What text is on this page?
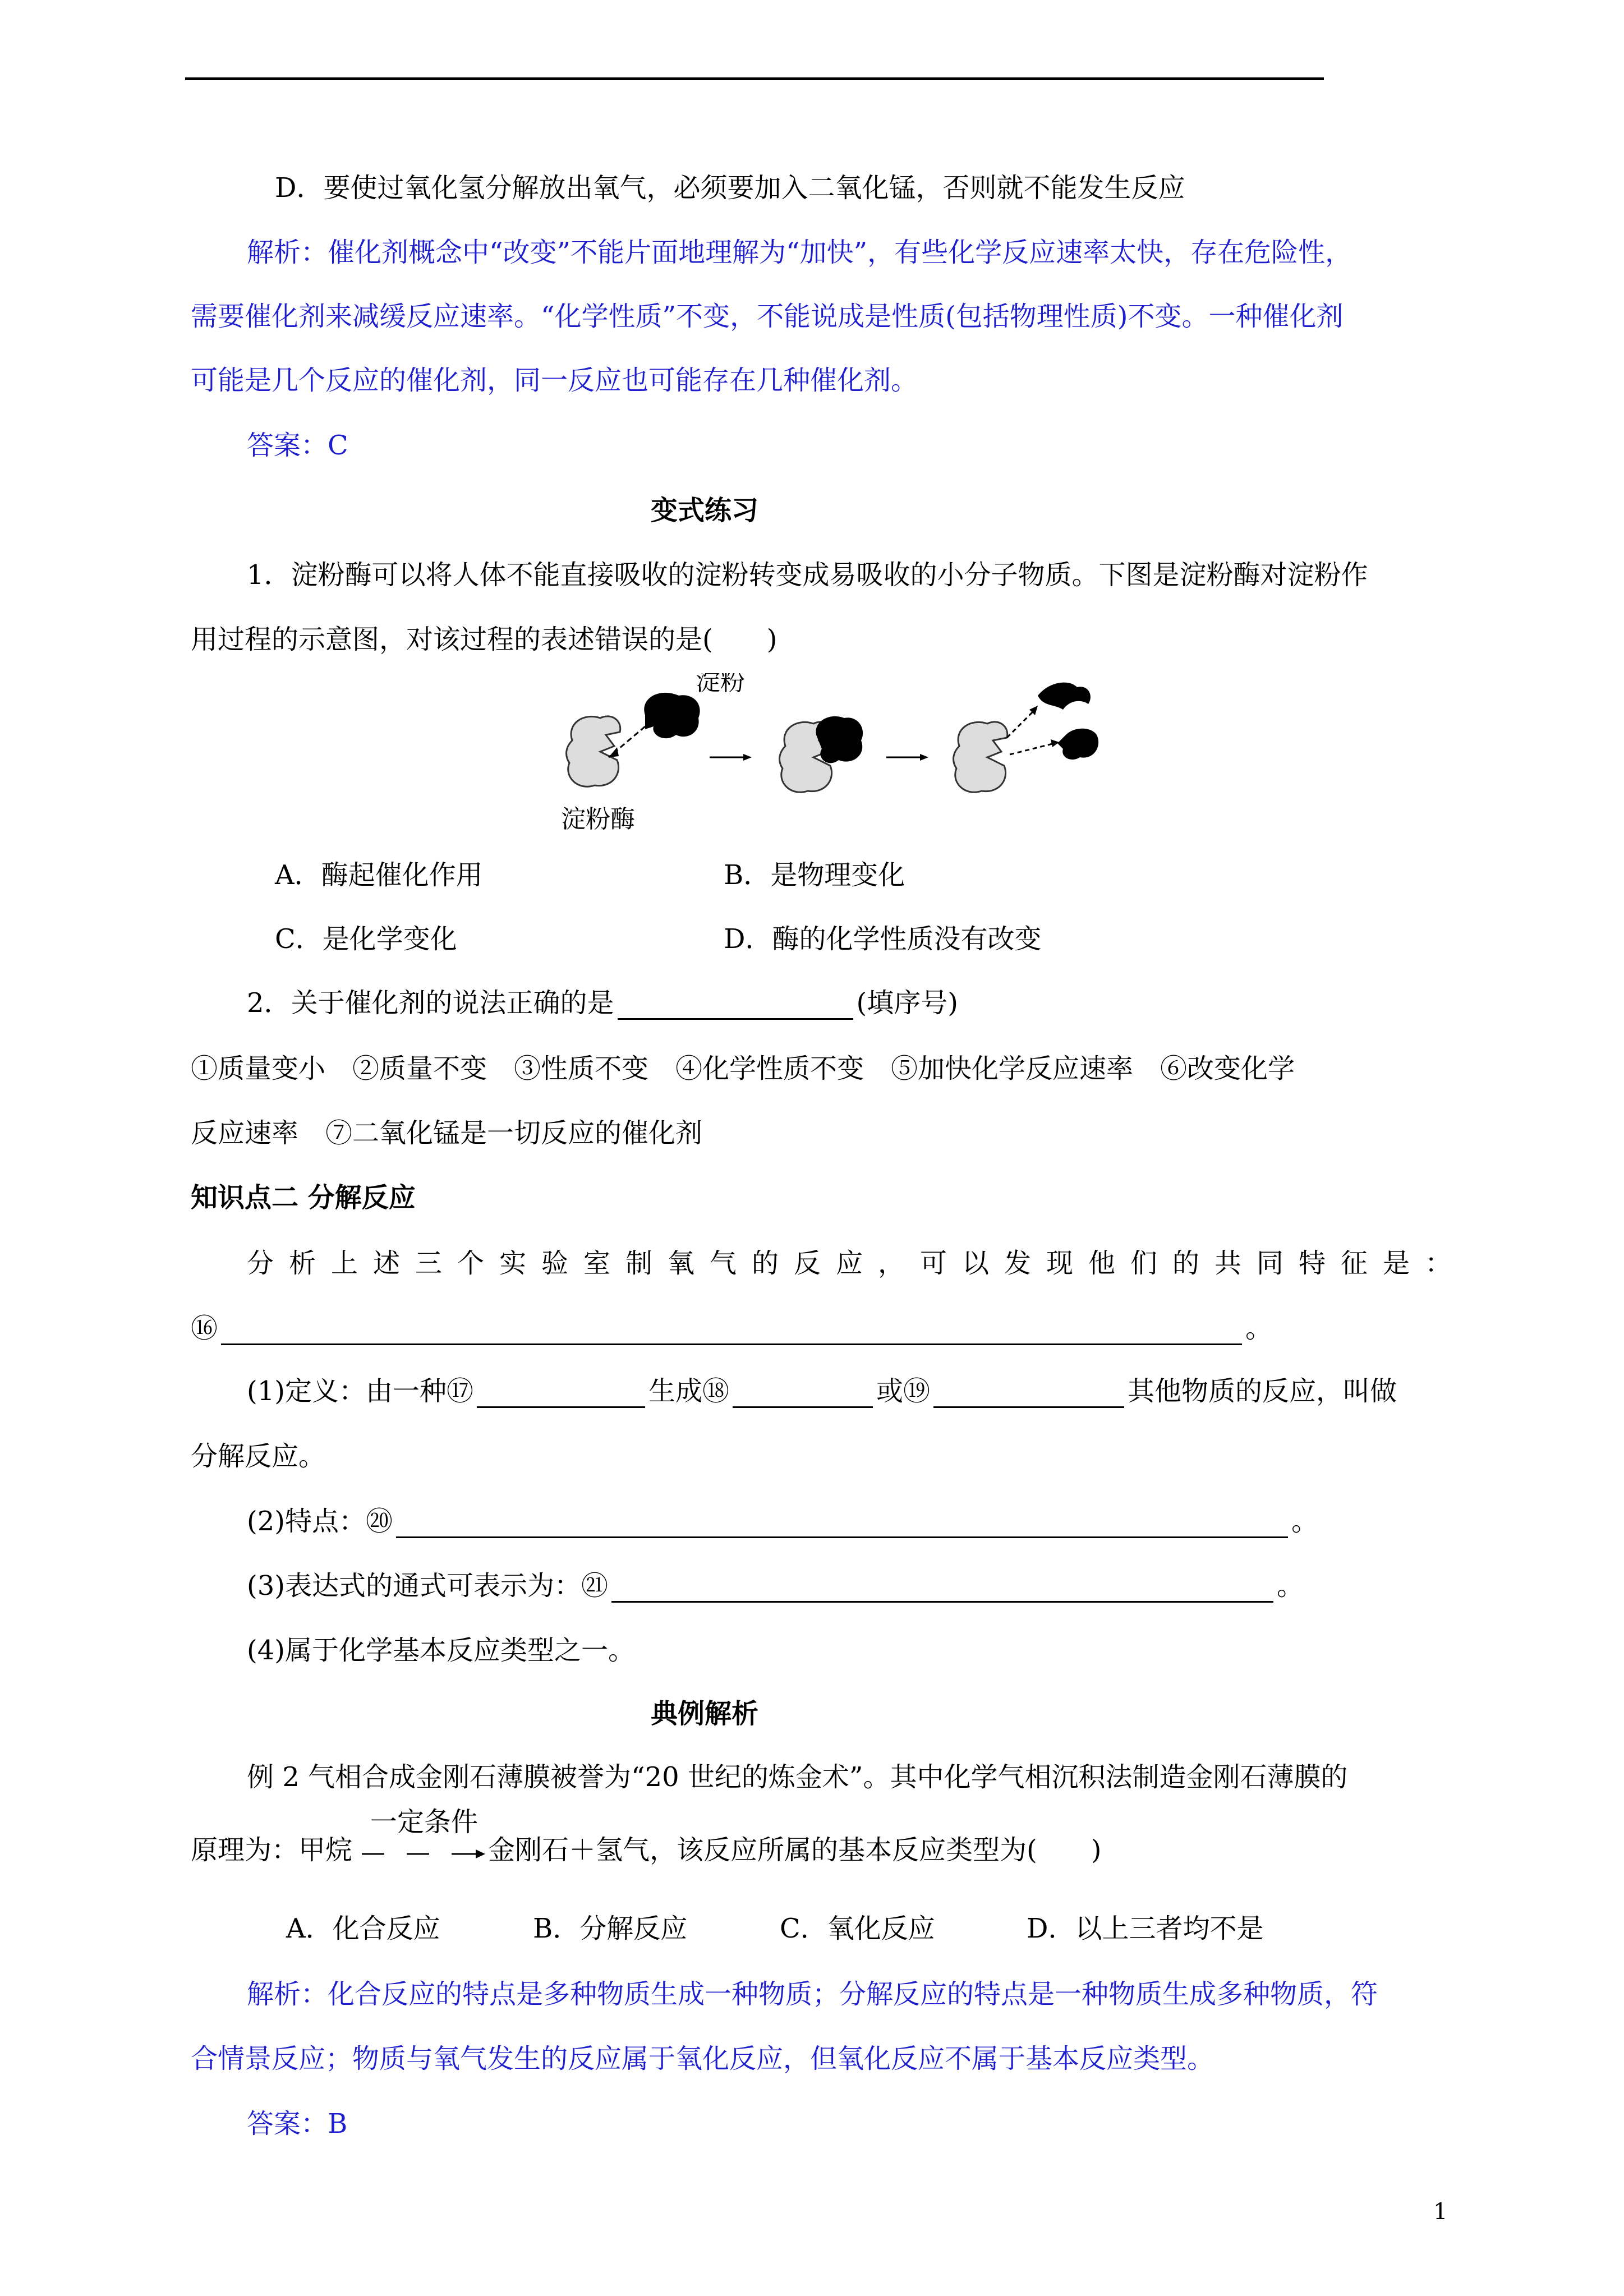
D．要使过氧化氢分解放出氧气，必须要加入二氧化锰，否则就不能发生反应
解析：催化剂概念中“改变”不能片面地理解为“加快”，有些化学反应速率太快，存在危险性，
需要催化剂来减缓反应速率。“化学性质”不变，不能说成是性质(包括物理性质)不变。一种催化剂
可能是几个反应的催化剂，同一反应也可能存在几种催化剂。
答案：C
变式练习
1．淀粉酶可以将人体不能直接吸收的淀粉转变成易吸收的小分子物质。下图是淀粉酶对淀粉作
用过程的示意图，对该过程的表述错误的是(　　)
淀粉
淀粉酶
A．酶起催化作用	B．是物理变化
C．是化学变化	D．酶的化学性质没有改变
2．关于催化剂的说法正确的是	(填序号)
①质量变小　②质量不变　③性质不变　④化学性质不变　⑤加快化学反应速率　⑥改变化学
反应速率　⑦二氧化锰是一切反应的催化剂
知识点二 分解反应
分析上述三个实验室制氧气的反应，可以发现他们的共同特征是：
⑯	。
(1)定义：由一种⑰	生成⑱	或⑲	其他物质的反应，叫做
分解反应。
(2)特点：⑳	。
(3)表达式的通式可表示为：㉑	。
(4)属于化学基本反应类型之一。
典例解析
例 2 气相合成金刚石薄膜被誉为“20 世纪的炼金术”。其中化学气相沉积法制造金刚石薄膜的
原理为：甲烷
一定条件
金刚石＋氢气，该反应所属的基本反应类型为(　　)
A．化合反应	B．分解反应	C．氧化反应	D．以上三者均不是
解析：化合反应的特点是多种物质生成一种物质；分解反应的特点是一种物质生成多种物质，符
合情景反应；物质与氧气发生的反应属于氧化反应，但氧化反应不属于基本反应类型。
答案：B
1
